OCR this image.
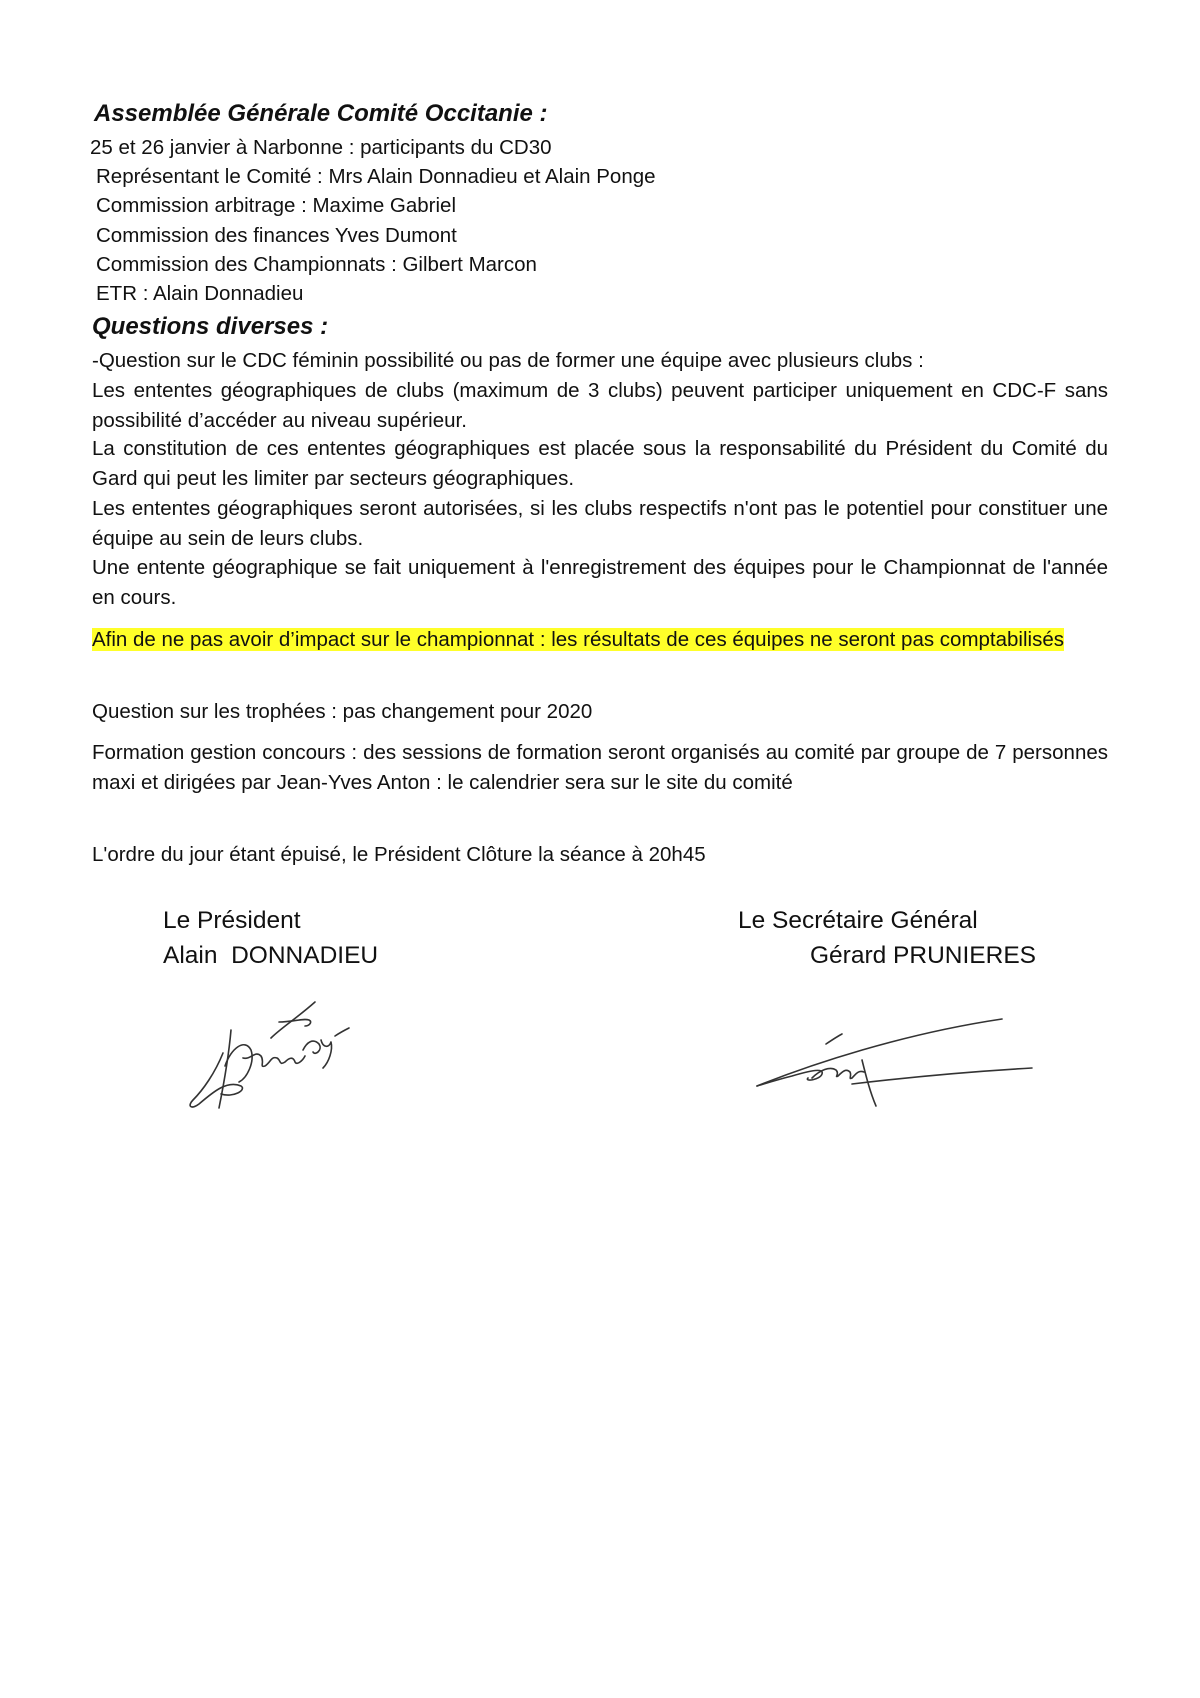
Assemblée Générale Comité Occitanie :
25 et 26 janvier à Narbonne : participants du CD30
Représentant le Comité : Mrs Alain Donnadieu et Alain Ponge
Commission arbitrage : Maxime Gabriel
Commission des finances Yves Dumont
Commission des Championnats : Gilbert Marcon
ETR : Alain Donnadieu
Questions diverses :
-Question sur le CDC féminin possibilité ou pas de former une équipe avec plusieurs clubs :
Les ententes géographiques de clubs (maximum de 3 clubs) peuvent participer uniquement en CDC-F sans possibilité d’accéder au niveau supérieur.
La constitution de ces ententes géographiques est placée sous la responsabilité du Président du Comité du Gard qui peut les limiter par secteurs géographiques.
Les ententes géographiques seront autorisées, si les clubs respectifs n'ont pas le potentiel pour constituer une équipe au sein de leurs clubs.
Une entente géographique se fait uniquement à l'enregistrement des équipes pour le Championnat de l'année en cours.
Afin de ne pas avoir d’impact sur le championnat : les résultats de ces équipes ne seront pas comptabilisés
Question sur les trophées : pas changement pour 2020
Formation gestion concours : des sessions de formation seront organisés au comité par groupe de 7 personnes maxi et dirigées par Jean-Yves Anton : le calendrier sera sur le site du comité
L'ordre du jour étant épuisé, le Président Clôture la séance à 20h45
Le Président
Alain  DONNADIEU
Le Secrétaire Général
Gérard PRUNIERES
